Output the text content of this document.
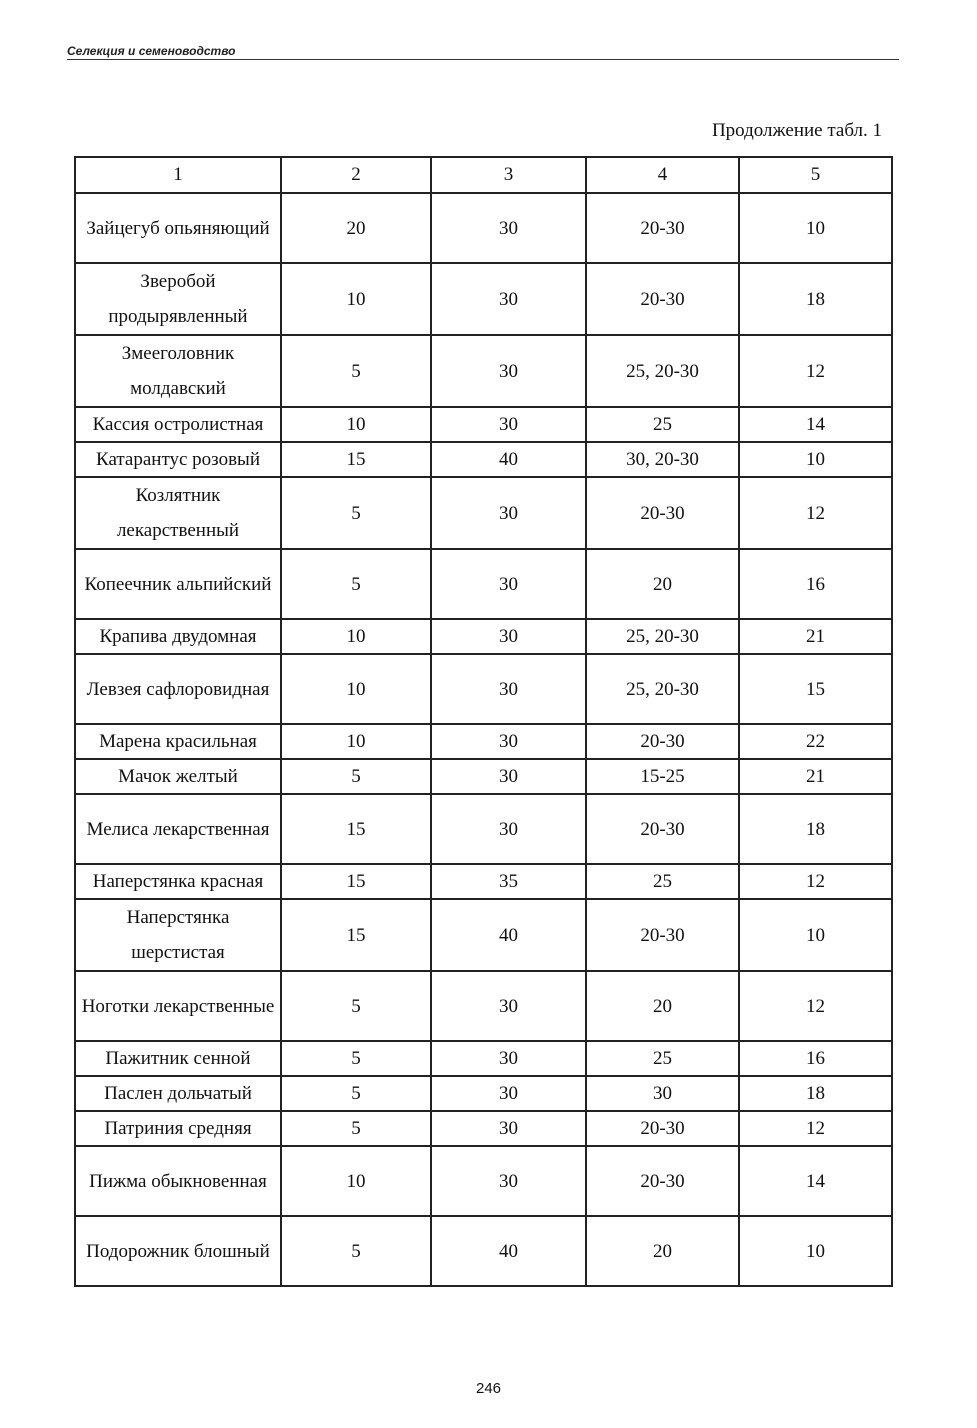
Селекция и семеноводство
Продолжение табл. 1
1	2	3	4	5
Зайцегуб опьяняющий	20	30	20-30	10
Зверобой продырявленный	10	30	20-30	18
Змееголовник молдавский	5	30	25, 20-30	12
Кассия остролистная	10	30	25	14
Катарантус розовый	15	40	30, 20-30	10
Козлятник лекарственный	5	30	20-30	12
Копеечник альпийский	5	30	20	16
Крапива двудомная	10	30	25, 20-30	21
Левзея сафлоровидная	10	30	25, 20-30	15
Марена красильная	10	30	20-30	22
Мачок желтый	5	30	15-25	21
Мелиса лекарственная	15	30	20-30	18
Наперстянка красная	15	35	25	12
Наперстянка шерстистая	15	40	20-30	10
Ноготки лекарственные	5	30	20	12
Пажитник сенной	5	30	25	16
Паслен дольчатый	5	30	30	18
Патриния средняя	5	30	20-30	12
Пижма обыкновенная	10	30	20-30	14
Подорожник блошный	5	40	20	10
246
